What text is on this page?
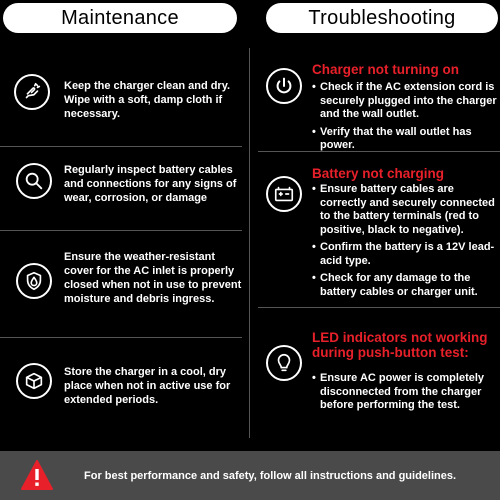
Maintenance	Troubleshooting
Keep the charger clean and dry. Wipe with a soft, damp cloth if necessary.
Regularly inspect battery cables and connections for any signs of wear, corrosion, or damage
Ensure the weather-resistant cover for the AC inlet is properly closed when not in use to prevent moisture and debris ingress.
Store the charger in a cool, dry place when not in active use for extended periods.
Charger not turning on
• Check if the AC extension cord is securely plugged into the charger and the wall outlet.
• Verify that the wall outlet has power.
Battery not charging
• Ensure battery cables are correctly and securely connected to the battery terminals (red to positive, black to negative).
• Confirm the battery is a 12V lead-acid type.
• Check for any damage to the battery cables or charger unit.
LED indicators not working during push-button test:
• Ensure AC power is completely disconnected from the charger before performing the test.
For best performance and safety, follow all instructions and guidelines.
